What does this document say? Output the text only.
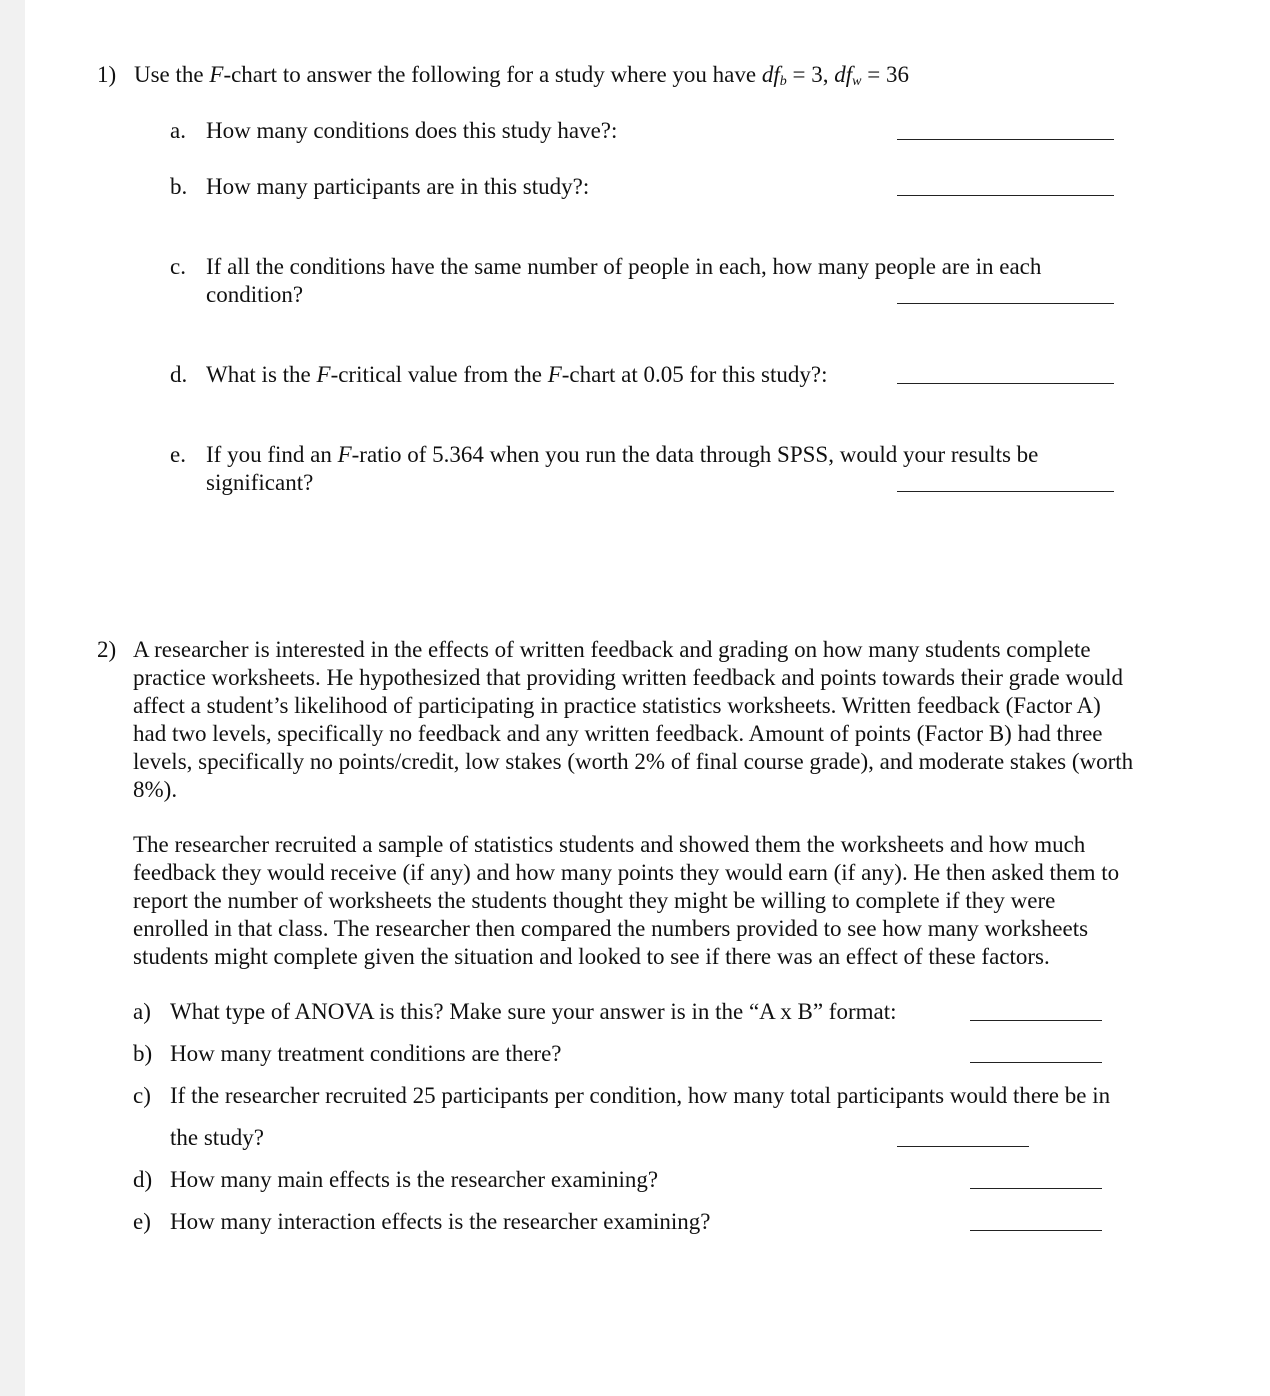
1) Use the F-chart to answer the following for a study where you have $df_b = 3$, $df_w = 36$
a. How many conditions does this study have?:
b. How many participants are in this study?:
c. If all the conditions have the same number of people in each, how many people are in each
condition?
d. What is the F-critical value from the F-chart at 0.05 for this study?:
e. If you find an F-ratio of 5.364 when you run the data through SPSS, would your results be
significant?
2) A researcher is interested in the effects of written feedback and grading on how many students complete
practice worksheets. He hypothesized that providing written feedback and points towards their grade would
affect a student’s likelihood of participating in practice statistics worksheets. Written feedback (Factor A)
had two levels, specifically no feedback and any written feedback. Amount of points (Factor B) had three
levels, specifically no points/credit, low stakes (worth 2% of final course grade), and moderate stakes (worth
8%).
The researcher recruited a sample of statistics students and showed them the worksheets and how much
feedback they would receive (if any) and how many points they would earn (if any). He then asked them to
report the number of worksheets the students thought they might be willing to complete if they were
enrolled in that class. The researcher then compared the numbers provided to see how many worksheets
students might complete given the situation and looked to see if there was an effect of these factors.
a) What type of ANOVA is this? Make sure your answer is in the “A x B” format:
b) How many treatment conditions are there?
c) If the researcher recruited 25 participants per condition, how many total participants would there be in
the study?
d) How many main effects is the researcher examining?
e) How many interaction effects is the researcher examining?
